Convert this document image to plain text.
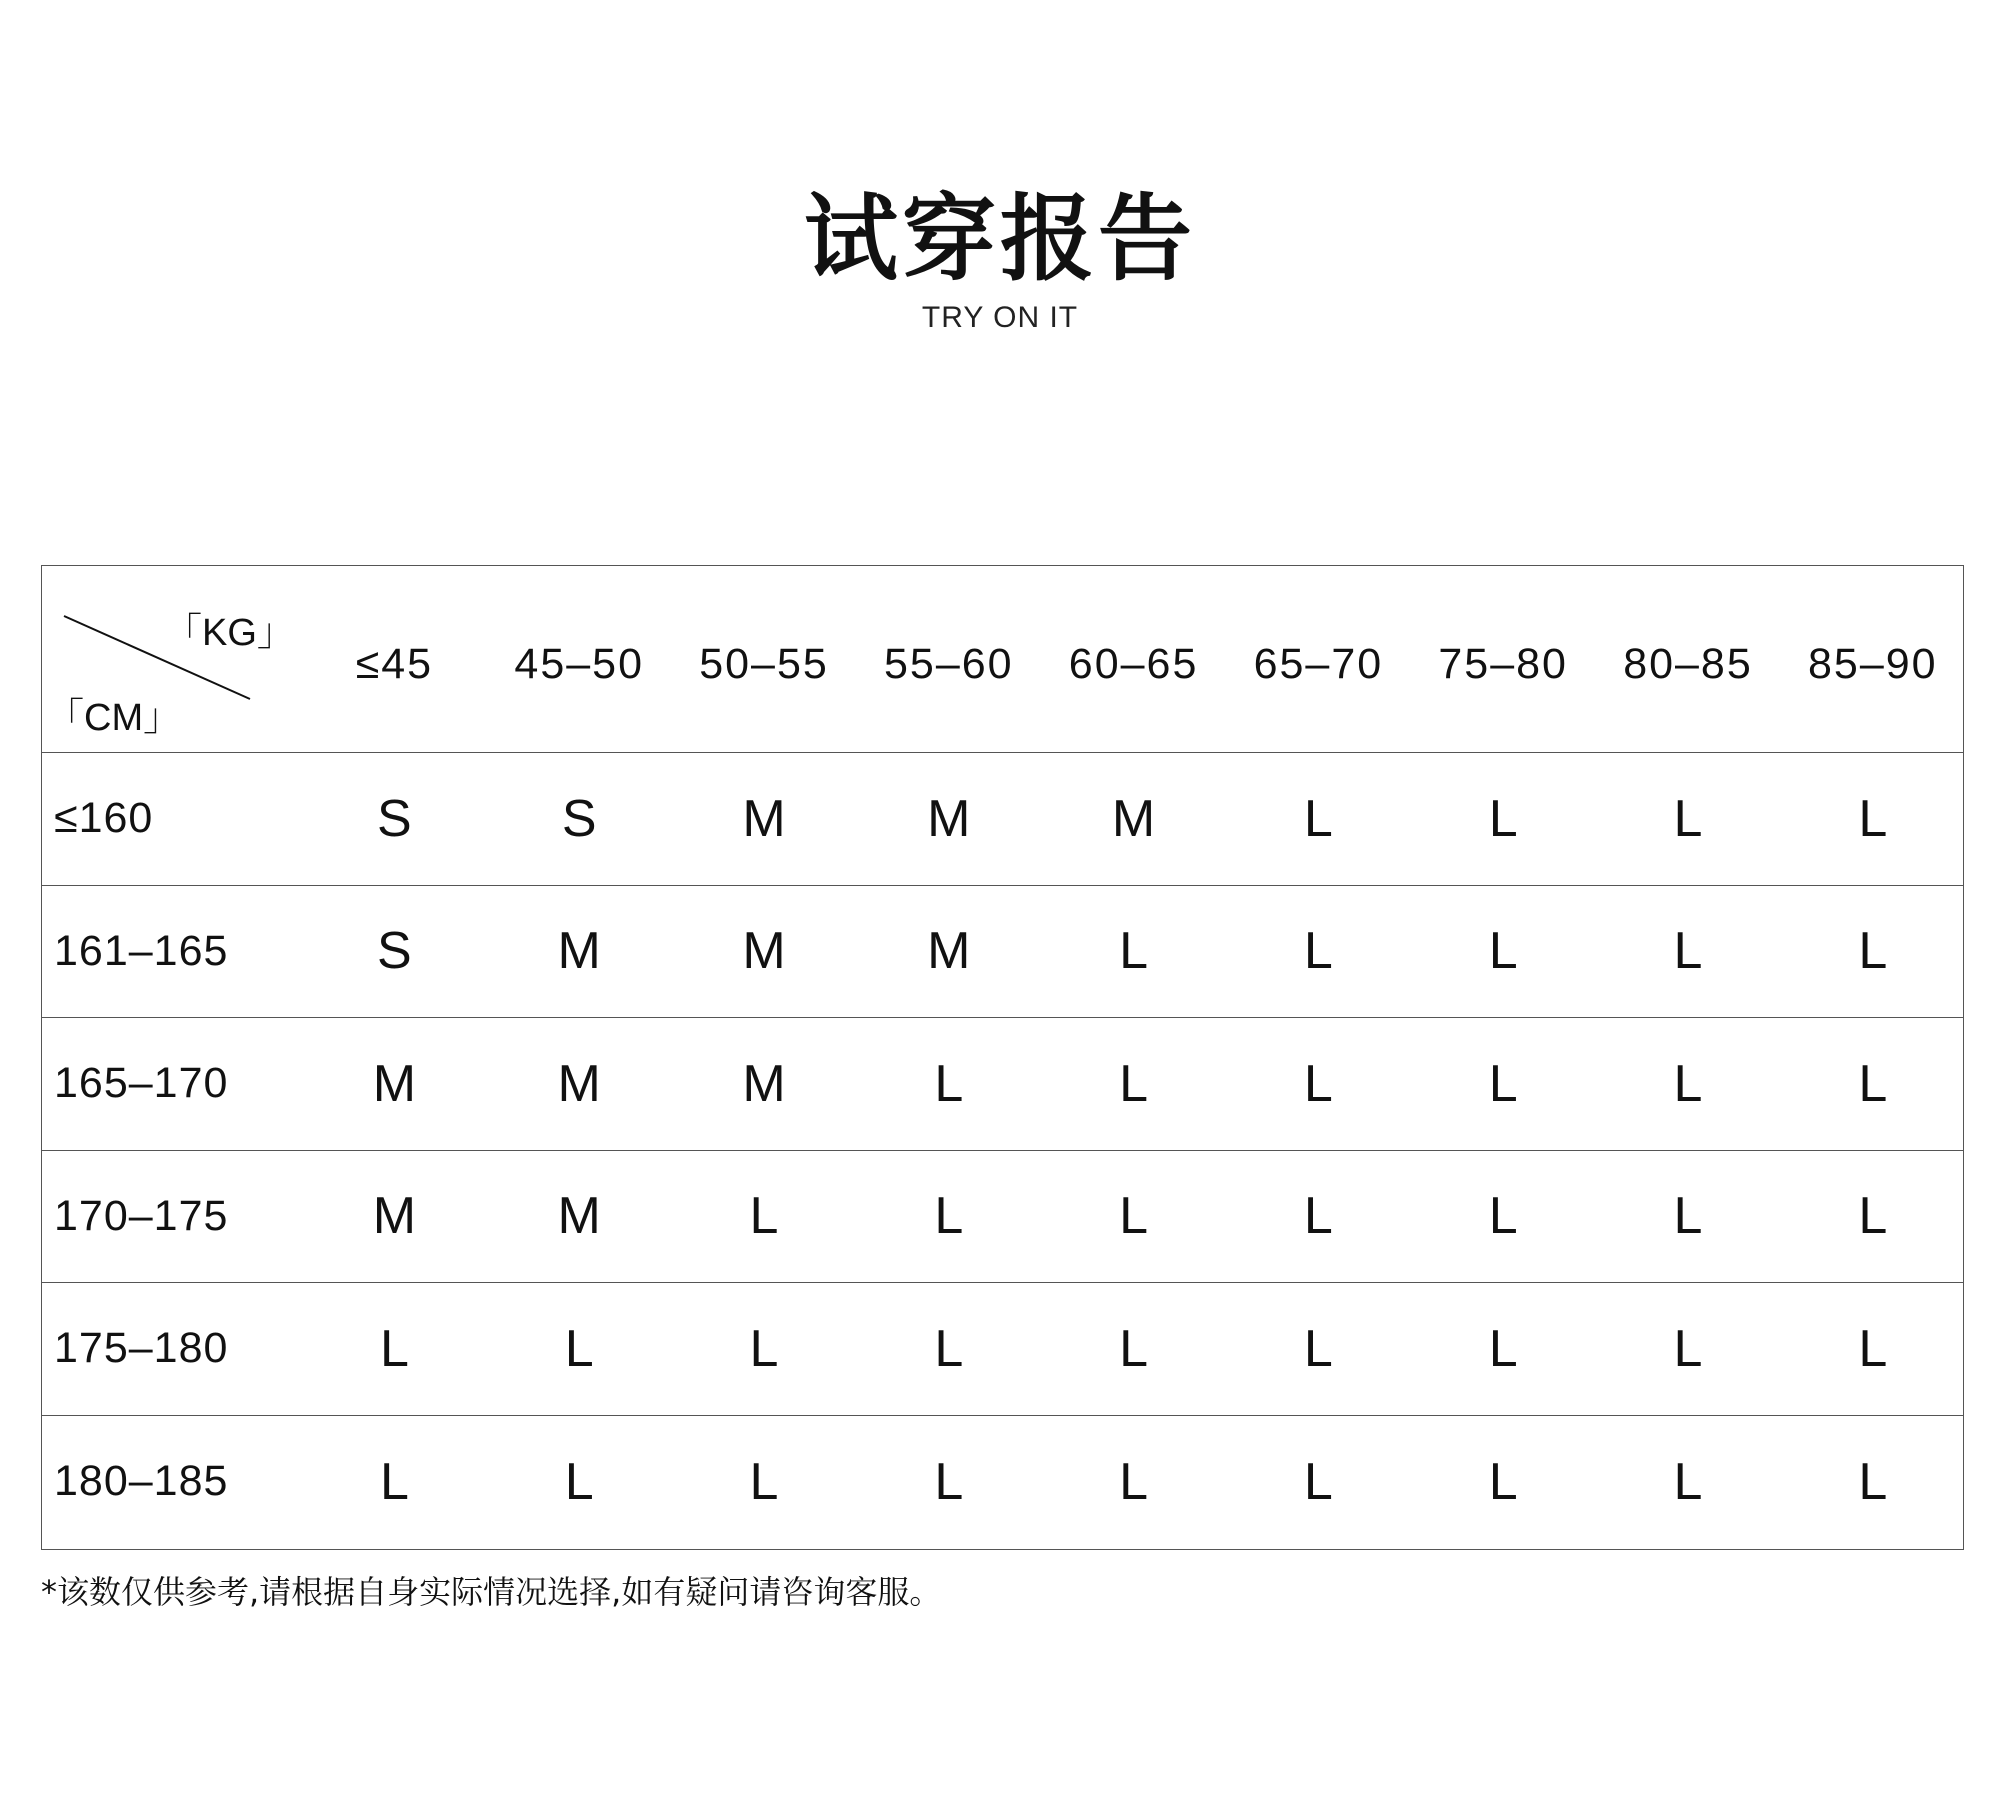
试穿报告
TRY ON IT
「KG」
「CM」
≤45	45–50	50–55	55–60	60–65	65–70	75–80	80–85	85–90
≤160	S	S	M	M	M	L	L	L	L
161–165	S	M	M	M	L	L	L	L	L
165–170	M	M	M	L	L	L	L	L	L
170–175	M	M	L	L	L	L	L	L	L
175–180	L	L	L	L	L	L	L	L	L
180–185	L	L	L	L	L	L	L	L	L
*该数仅供参考,请根据自身实际情况选择,如有疑问请咨询客服。
